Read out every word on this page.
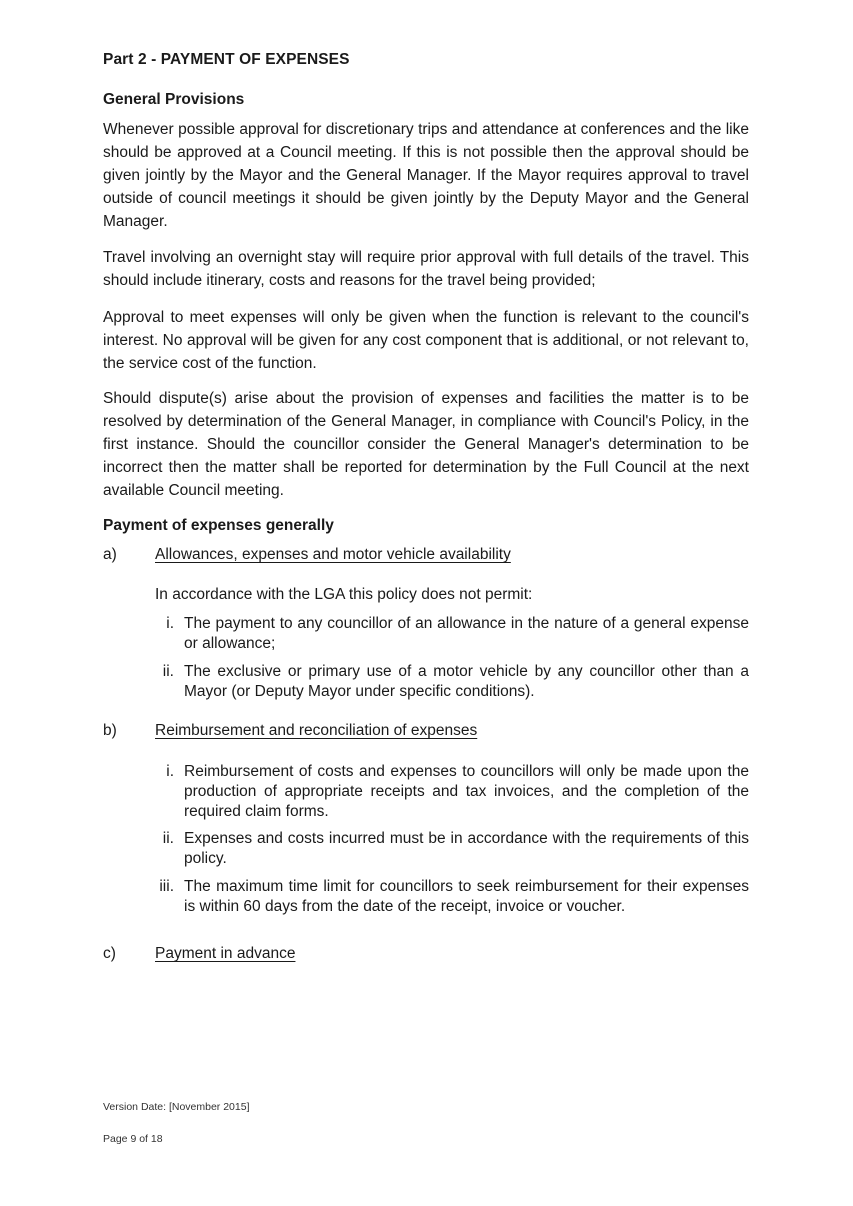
Part 2 - PAYMENT OF EXPENSES
General Provisions
Whenever possible approval for discretionary trips and attendance at conferences and the like should be approved at a Council meeting. If this is not possible then the approval should be given jointly by the Mayor and the General Manager. If the Mayor requires approval to travel outside of council meetings it should be given jointly by the Deputy Mayor and the General Manager.
Travel involving an overnight stay will require prior approval with full details of the travel. This should include itinerary, costs and reasons for the travel being provided;
Approval to meet expenses will only be given when the function is relevant to the council's interest. No approval will be given for any cost component that is additional, or not relevant to, the service cost of the function.
Should dispute(s) arise about the provision of expenses and facilities the matter is to be resolved by determination of the General Manager, in compliance with Council's Policy, in the first instance. Should the councillor consider the General Manager's determination to be incorrect then the matter shall be reported for determination by the Full Council at the next available Council meeting.
Payment of expenses generally
a) Allowances, expenses and motor vehicle availability
In accordance with the LGA this policy does not permit:
i. The payment to any councillor of an allowance in the nature of a general expense or allowance;
ii. The exclusive or primary use of a motor vehicle by any councillor other than a Mayor (or Deputy Mayor under specific conditions).
b) Reimbursement and reconciliation of expenses
i. Reimbursement of costs and expenses to councillors will only be made upon the production of appropriate receipts and tax invoices, and the completion of the required claim forms.
ii. Expenses and costs incurred must be in accordance with the requirements of this policy.
iii. The maximum time limit for councillors to seek reimbursement for their expenses is within 60 days from the date of the receipt, invoice or voucher.
c)	Payment in advance
Version Date: [November 2015]
Page 9 of 18
